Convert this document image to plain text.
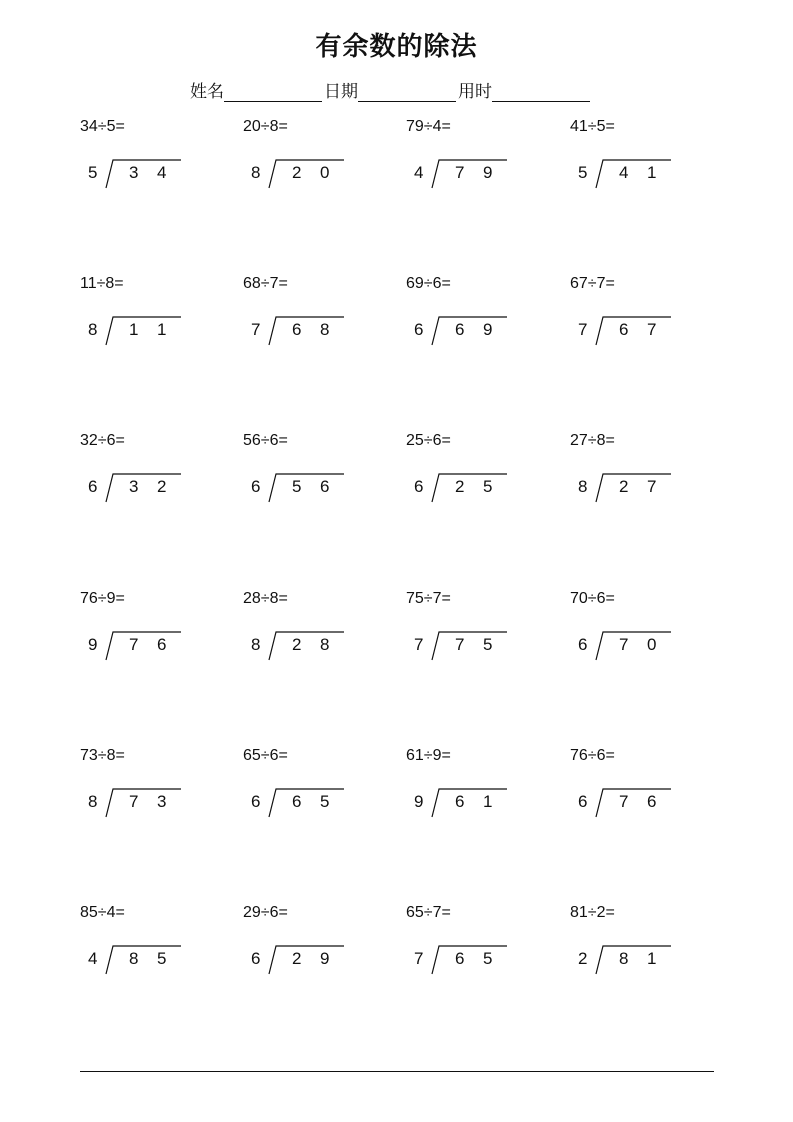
有余数的除法
姓名	日期	用时
34÷5=
5 3 4
20÷8=
8 2 0
79÷4=
4 7 9
41÷5=
5 4 1
11÷8=
8 1 1
68÷7=
7 6 8
69÷6=
6 6 9
67÷7=
7 6 7
32÷6=
6 3 2
56÷6=
6 5 6
25÷6=
6 2 5
27÷8=
8 2 7
76÷9=
9 7 6
28÷8=
8 2 8
75÷7=
7 7 5
70÷6=
6 7 0
73÷8=
8 7 3
65÷6=
6 6 5
61÷9=
9 6 1
76÷6=
6 7 6
85÷4=
4 8 5
29÷6=
6 2 9
65÷7=
7 6 5
81÷2=
2 8 1
